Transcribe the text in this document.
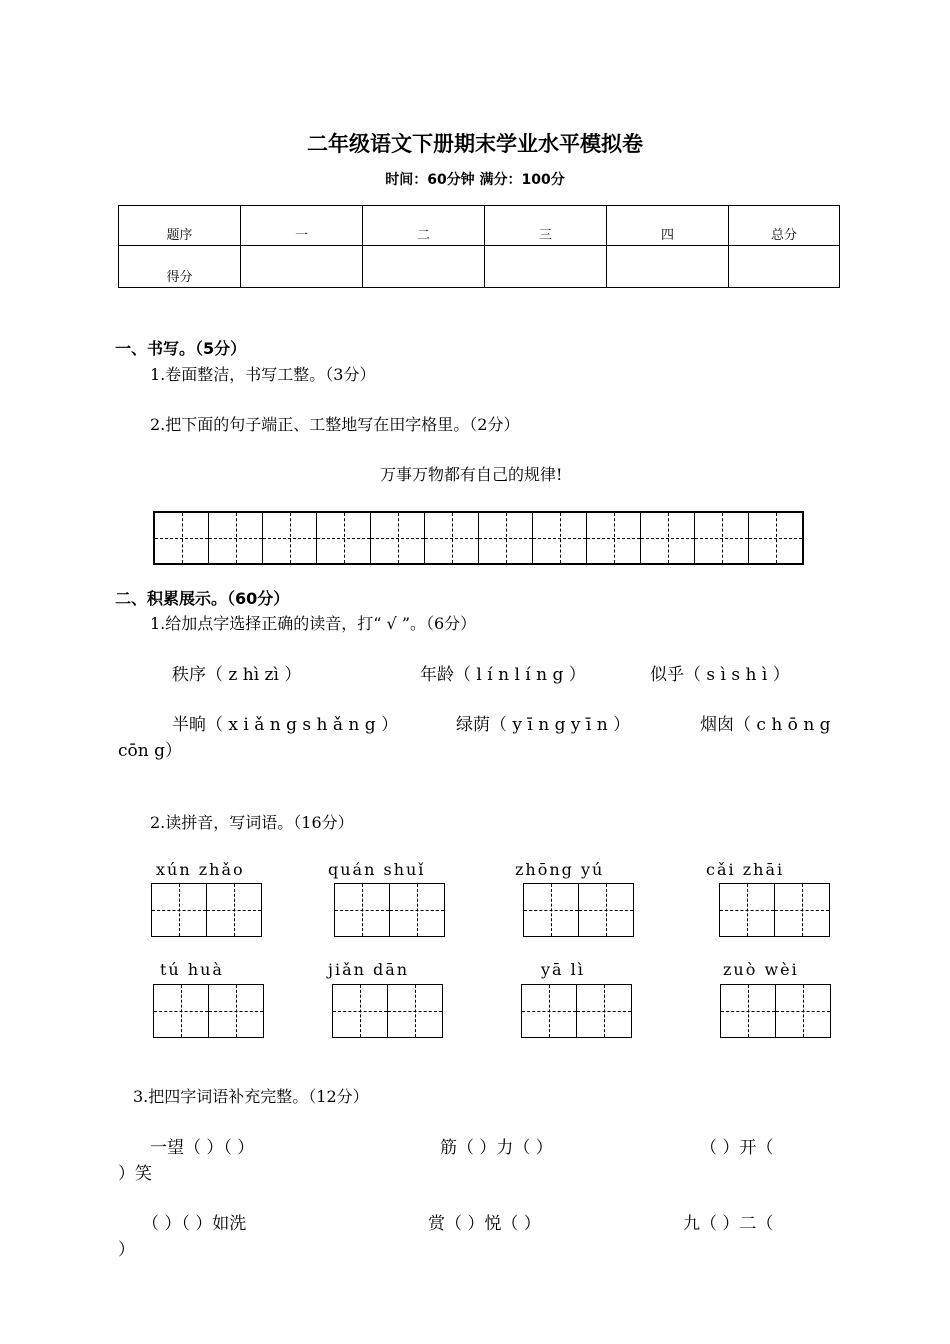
二年级语文下册期末学业水平模拟卷
时间：60分钟 满分：100分
题序	一	二	三	四	总分
得分					
一、书写。（5分）
1.卷面整洁，书写工整。（3分）
2.把下面的句子端正、工整地写在田字格里。（2分）
万事万物都有自己的规律!
二、积累展示。（60分）
1.给加点字选择正确的读音，打“ √ ”。（6分）
秩序（ z hì zì ）	年龄（ l í n l í n g ）	似乎（ s ì s h ì ）
半晌（ x i ǎ n g s h ǎ n g ）	绿荫（ y ī n g y ī n ）	烟囱（ c h ō n g
cōn g）
2.读拼音，写词语。（16分）
xún zhǎo	quán shuǐ	zhōng yú	cǎi zhāi
tú huà	jiǎn dān	yā lì	zuò wèi
3.把四字词语补充完整。（12分）
一望（ ）（ ）	筋（ ）力（ ）	（ ）开（
）笑
（ ）（ ）如洗	赏（ ）悦（ ）	九（ ）二（
）
